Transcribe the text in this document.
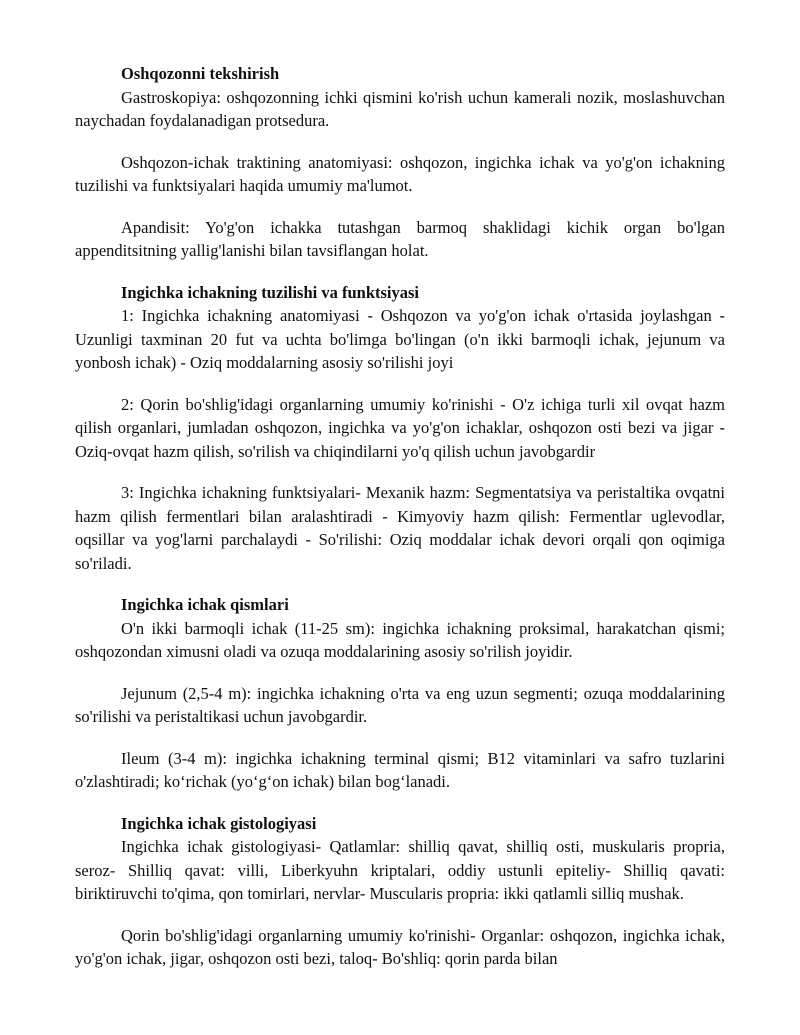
Oshqozonni tekshirish

Gastroskopiya: oshqozonning ichki qismini ko'rish uchun kamerali nozik, moslashuvchan naychadan foydalanadigan protsedura.

Oshqozon-ichak traktining anatomiyasi: oshqozon, ingichka ichak va yo'g'on ichakning tuzilishi va funktsiyalari haqida umumiy ma'lumot.

Apandisit: Yo'g'on ichakka tutashgan barmoq shaklidagi kichik organ bo'lgan appenditsitning yallig'lanishi bilan tavsiflangan holat.

Ingichka ichakning tuzilishi va funktsiyasi

1: Ingichka ichakning anatomiyasi - Oshqozon va yo'g'on ichak o'rtasida joylashgan - Uzunligi taxminan 20 fut va uchta bo'limga bo'lingan (o'n ikki barmoqli ichak, jejunum va yonbosh ichak) - Oziq moddalarning asosiy so'rilishi joyi

2: Qorin bo'shlig'idagi organlarning umumiy ko'rinishi - O'z ichiga turli xil ovqat hazm qilish organlari, jumladan oshqozon, ingichka va yo'g'on ichaklar, oshqozon osti bezi va jigar - Oziq-ovqat hazm qilish, so'rilish va chiqindilarni yo'q qilish uchun javobgardir

3: Ingichka ichakning funktsiyalari- Mexanik hazm: Segmentatsiya va peristaltika ovqatni hazm qilish fermentlari bilan aralashtiradi - Kimyoviy hazm qilish: Fermentlar uglevodlar, oqsillar va yog'larni parchalaydi - So'rilishi: Oziq moddalar ichak devori orqali qon oqimiga so'riladi.

Ingichka ichak qismlari

O'n ikki barmoqli ichak (11-25 sm): ingichka ichakning proksimal, harakatchan qismi; oshqozondan ximusni oladi va ozuqa moddalarining asosiy so'rilish joyidir.

Jejunum (2,5-4 m): ingichka ichakning o'rta va eng uzun segmenti; ozuqa moddalarining so'rilishi va peristaltikasi uchun javobgardir.

Ileum (3-4 m): ingichka ichakning terminal qismi; B12 vitaminlari va safro tuzlarini o'zlashtiradi; ko‘richak (yo‘g‘on ichak) bilan bog‘lanadi.

Ingichka ichak gistologiyasi

Ingichka ichak gistologiyasi- Qatlamlar: shilliq qavat, shilliq osti, muskularis propria, seroz- Shilliq qavat: villi, Liberkyuhn kriptalari, oddiy ustunli epiteliy- Shilliq qavati: biriktiruvchi to'qima, qon tomirlari, nervlar- Muscularis propria: ikki qatlamli silliq mushak.

Qorin bo'shlig'idagi organlarning umumiy ko'rinishi- Organlar: oshqozon, ingichka ichak, yo'g'on ichak, jigar, oshqozon osti bezi, taloq- Bo'shliq: qorin parda bilan
